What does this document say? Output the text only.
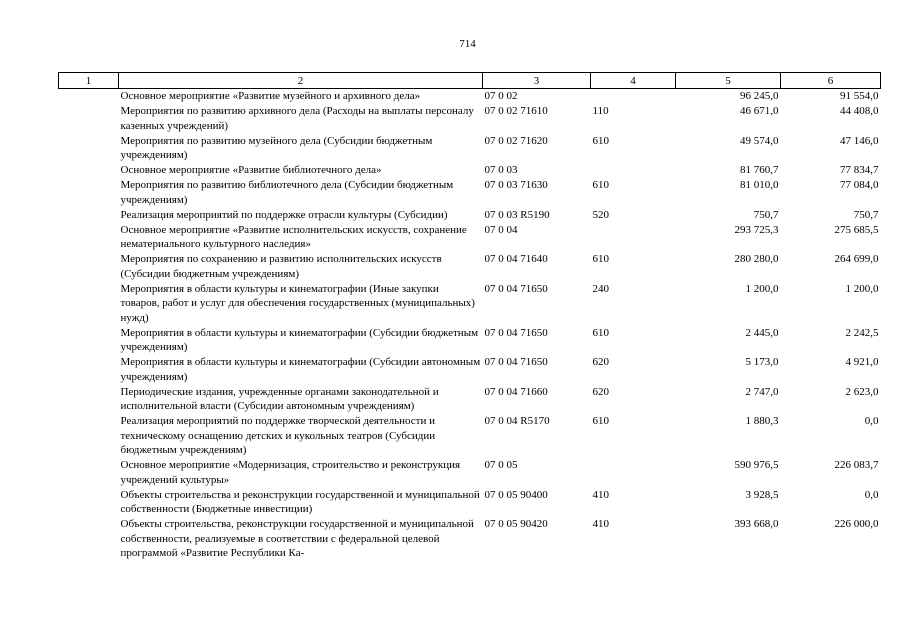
714
1	2	3	4	5	6
	Основное мероприятие «Развитие музейного и архивного дела»	07 0 02		96 245,0	91 554,0
	Мероприятия по развитию архивного дела (Расходы на выплаты персоналу казенных учреждений)	07 0 02 71610	110	46 671,0	44 408,0
	Мероприятия по развитию музейного дела (Субсидии бюджетным учреждениям)	07 0 02 71620	610	49 574,0	47 146,0
	Основное мероприятие «Развитие библиотечного дела»	07 0 03		81 760,7	77 834,7
	Мероприятия по развитию библиотечного дела (Субсидии бюджетным учреждениям)	07 0 03 71630	610	81 010,0	77 084,0
	Реализация мероприятий по поддержке отрасли культуры (Субсидии)	07 0 03 R5190	520	750,7	750,7
	Основное мероприятие «Развитие исполнительских искусств, сохранение нематериального культурного наследия»	07 0 04		293 725,3	275 685,5
	Мероприятия по сохранению и развитию исполнительских искусств (Субсидии бюджетным учреждениям)	07 0 04 71640	610	280 280,0	264 699,0
	Мероприятия в области культуры и кинематографии (Иные закупки товаров, работ и услуг для обеспечения государственных (муниципальных) нужд)	07 0 04 71650	240	1 200,0	1 200,0
	Мероприятия в области культуры и кинематографии (Субсидии бюджетным учреждениям)	07 0 04 71650	610	2 445,0	2 242,5
	Мероприятия в области культуры и кинематографии (Субсидии автономным учреждениям)	07 0 04 71650	620	5 173,0	4 921,0
	Периодические издания, учрежденные органами законодательной и исполнительной власти (Субсидии автономным учреждениям)	07 0 04 71660	620	2 747,0	2 623,0
	Реализация мероприятий по поддержке творческой деятельности и техническому оснащению детских и кукольных театров (Субсидии бюджетным учреждениям)	07 0 04 R5170	610	1 880,3	0,0
	Основное мероприятие «Модернизация, строительство и реконструкция учреждений культуры»	07 0 05		590 976,5	226 083,7
	Объекты строительства и реконструкции государственной и муниципальной собственности (Бюджетные инвестиции)	07 0 05 90400	410	3 928,5	0,0
	Объекты строительства, реконструкции государственной и муниципальной собственности, реализуемые в соответствии с федеральной целевой программой «Развитие Республики Ка-	07 0 05 90420	410	393 668,0	226 000,0
